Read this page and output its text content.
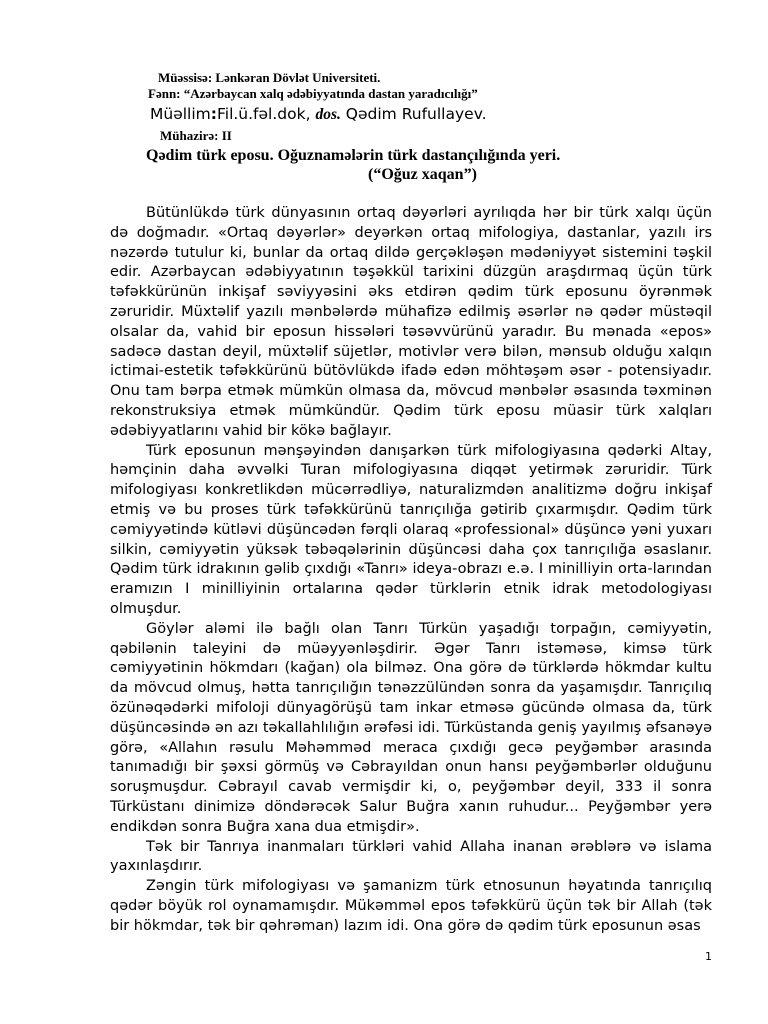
Müəssisə: Lənkəran Dövlət Universiteti.
Fənn: “Azərbaycan xalq ədəbiyyatında dastan yaradıcılığı”
Müəllim:Fil.ü.fəl.dok, dos. Qədim Rufullayev.
Mühazirə: II
Qədim türk eposu. Oğuznamələrin türk dastançılığında yeri.
(“Oğuz xaqan”)

Bütünlükdə türk dünyasının ortaq dəyərləri ayrılıqda hər bir türk xalqı üçün də doğmadır. «Ortaq dəyərlər» deyərkən ortaq mifologiya, dastanlar, yazılı irs nəzərdə tutulur ki, bunlar da ortaq dildə gerçəkləşən mədəniyyət sistemini təşkil edir. Azərbaycan ədəbiyyatının təşəkkül tarixini düzgün araşdırmaq üçün türk təfəkkürünün inkişaf səviyyəsini əks etdirən qədim türk eposunu öyrənmək zəruridir. Müxtəlif yazılı mənbələrdə mühafizə edilmiş əsərlər nə qədər müstəqil olsalar da, vahid bir eposun hissələri təsəvvürünü yaradır. Bu mənada «epos» sadəcə dastan deyil, müxtəlif süjetlər, motivlər verə bilən, mənsub olduğu xalqın ictimai-estetik təfəkkürünü bütövlükdə ifadə edən möhtəşəm əsər - potensiyadır. Onu tam bərpa etmək mümkün olmasa da, mövcud mənbələr əsasında təxminən rekonstruksiya etmək mümkündür. Qədim türk eposu müasir türk xalqları ədəbiyyatlarını vahid bir kökə bağlayır.

Türk eposunun mənşəyindən danışarkən türk mifologiyasına qədərki Altay, həmçinin daha əvvəlki Turan mifologiyasına diqqət yetirmək zəruridir. Türk mifologiyası konkretlikdən mücərrədliyə, naturalizmdən analitizmə doğru inkişaf etmiş və bu proses türk təfəkkürünü tanrıçılığa gətirib çıxarmışdır. Qədim türk cəmiyyətində kütləvi düşüncədən fərqli olaraq «professional» düşüncə yəni yuxarı silkin, cəmiyyətin yüksək təbəqələrinin düşüncəsi daha çox tanrıçılığa əsaslanır. Qədim türk idrakının gəlib çıxdığı «Tanrı» ideya-obrazı e.ə. I minilliyin orta-larından eramızın I minilliyinin ortalarına qədər türklərin etnik idrak metodologiyası olmuşdur.

Göylər aləmi ilə bağlı olan Tanrı Türkün yaşadığı torpağın, cəmiyyətin, qəbilənin taleyini də müəyyənləşdirir. Əgər Tanrı istəməsə, kimsə türk cəmiyyətinin hökmdarı (kağan) ola bilməz. Ona görə də türklərdə hökmdar kultu da mövcud olmuş, hətta tanrıçılığın tənəzzülündən sonra da yaşamışdır. Tanrıçılıq özünəqədərki mifoloji dünyagörüşü tam inkar etməsə gücündə olmasa da, türk düşüncəsində ən azı təkallahlılığın ərəfəsi idi. Türküstanda geniş yayılmış əfsanəyə görə, «Allahın rəsulu Məhəmməd meraca çıxdığı gecə peyğəmbər arasında tanımadığı bir şəxsi görmüş və Cəbrayıldan onun hansı peyğəmbərlər olduğunu soruşmuşdur. Cəbrayıl cavab vermişdir ki, o, peyğəmbər deyil, 333 il sonra Türküstanı dinimizə döndərəcək Salur Buğra xanın ruhudur... Peyğəmbər yerə endikdən sonra Buğra xana dua etmişdir».

Tək bir Tanrıya inanmaları türkləri vahid Allaha inanan ərəblərə və islama yaxınlaşdırır.

Zəngin türk mifologiyası və şamanizm türk etnosunun həyatında tanrıçılıq qədər böyük rol oynamamışdır. Mükəmməl epos təfəkkürü üçün tək bir Allah (tək bir hökmdar, tək bir qəhrəman) lazım idi. Ona görə də qədim türk eposunun əsas

1
